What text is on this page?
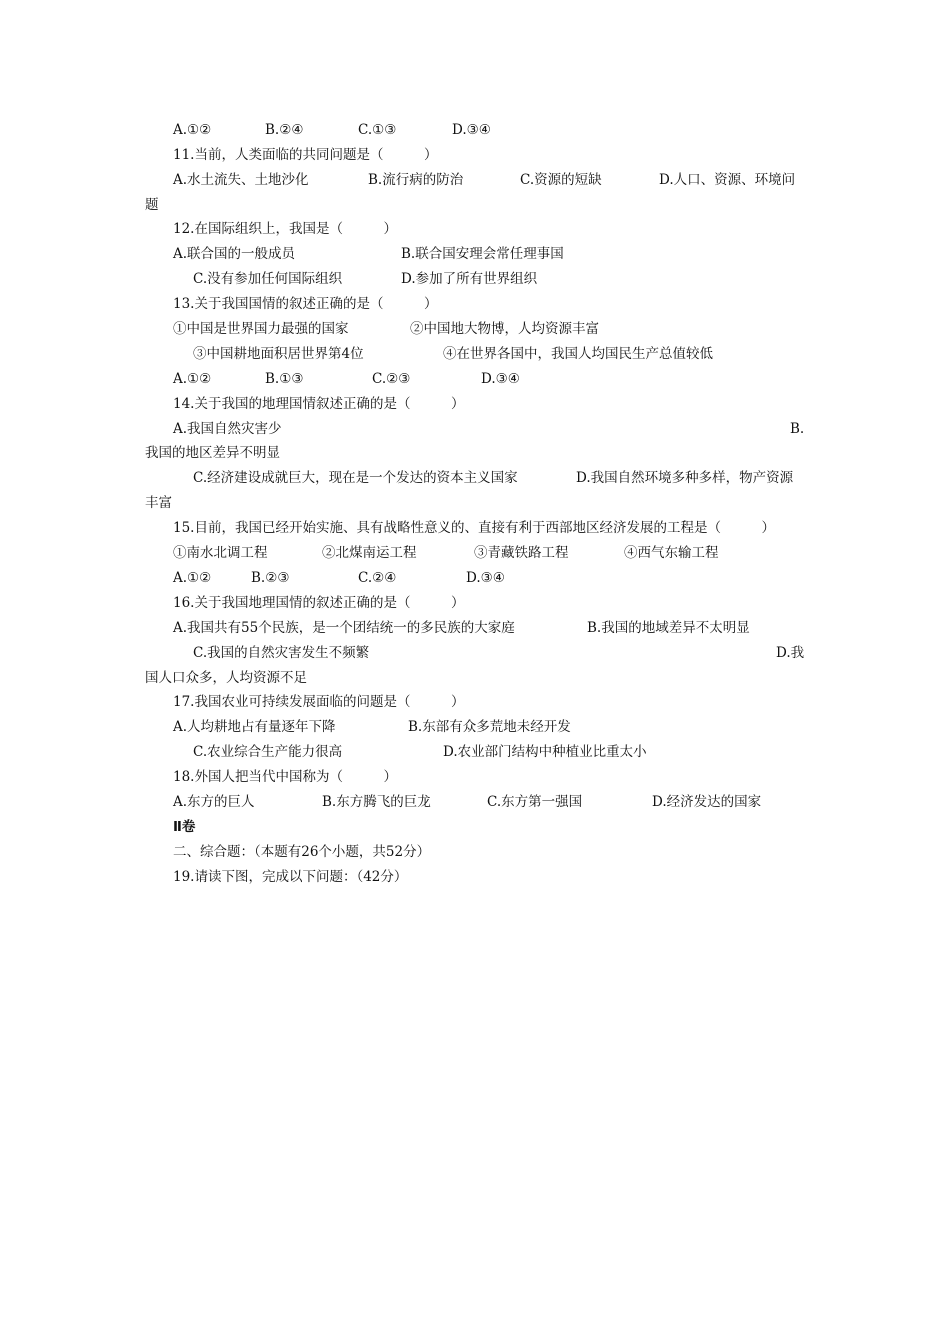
A.①②	B.②④	C.①③	D.③④
11.当前，人类面临的共同问题是（　　　）
A.水土流失、土地沙化	B.流行病的防治	C.资源的短缺	D.人口、资源、环境问
题
12.在国际组织上，我国是（　　　）
A.联合国的一般成员	B.联合国安理会常任理事国
C.没有参加任何国际组织	D.参加了所有世界组织
13.关于我国国情的叙述正确的是（　　　）
①中国是世界国力最强的国家	②中国地大物博，人均资源丰富
③中国耕地面积居世界第4位	④在世界各国中，我国人均国民生产总值较低
A.①②	B.①③	C.②③	D.③④
14.关于我国的地理国情叙述正确的是（　　　）
A.我国自然灾害少	B.
我国的地区差异不明显
C.经济建设成就巨大，现在是一个发达的资本主义国家	D.我国自然环境多种多样，物产资源
丰富
15.目前，我国已经开始实施、具有战略性意义的、直接有利于西部地区经济发展的工程是（　　　）
①南水北调工程	②北煤南运工程	③青藏铁路工程	④西气东输工程
A.①②	B.②③	C.②④	D.③④
16.关于我国地理国情的叙述正确的是（　　　）
A.我国共有55个民族，是一个团结统一的多民族的大家庭	B.我国的地域差异不太明显
C.我国的自然灾害发生不频繁	D.我
国人口众多，人均资源不足
17.我国农业可持续发展面临的问题是（　　　）
A.人均耕地占有量逐年下降	B.东部有众多荒地未经开发
C.农业综合生产能力很高	D.农业部门结构中种植业比重太小
18.外国人把当代中国称为（　　　）
A.东方的巨人	B.东方腾飞的巨龙	C.东方第一强国	D.经济发达的国家
Ⅱ卷
二、综合题：（本题有26个小题，共52分）
19.请读下图，完成以下问题：（42分）
